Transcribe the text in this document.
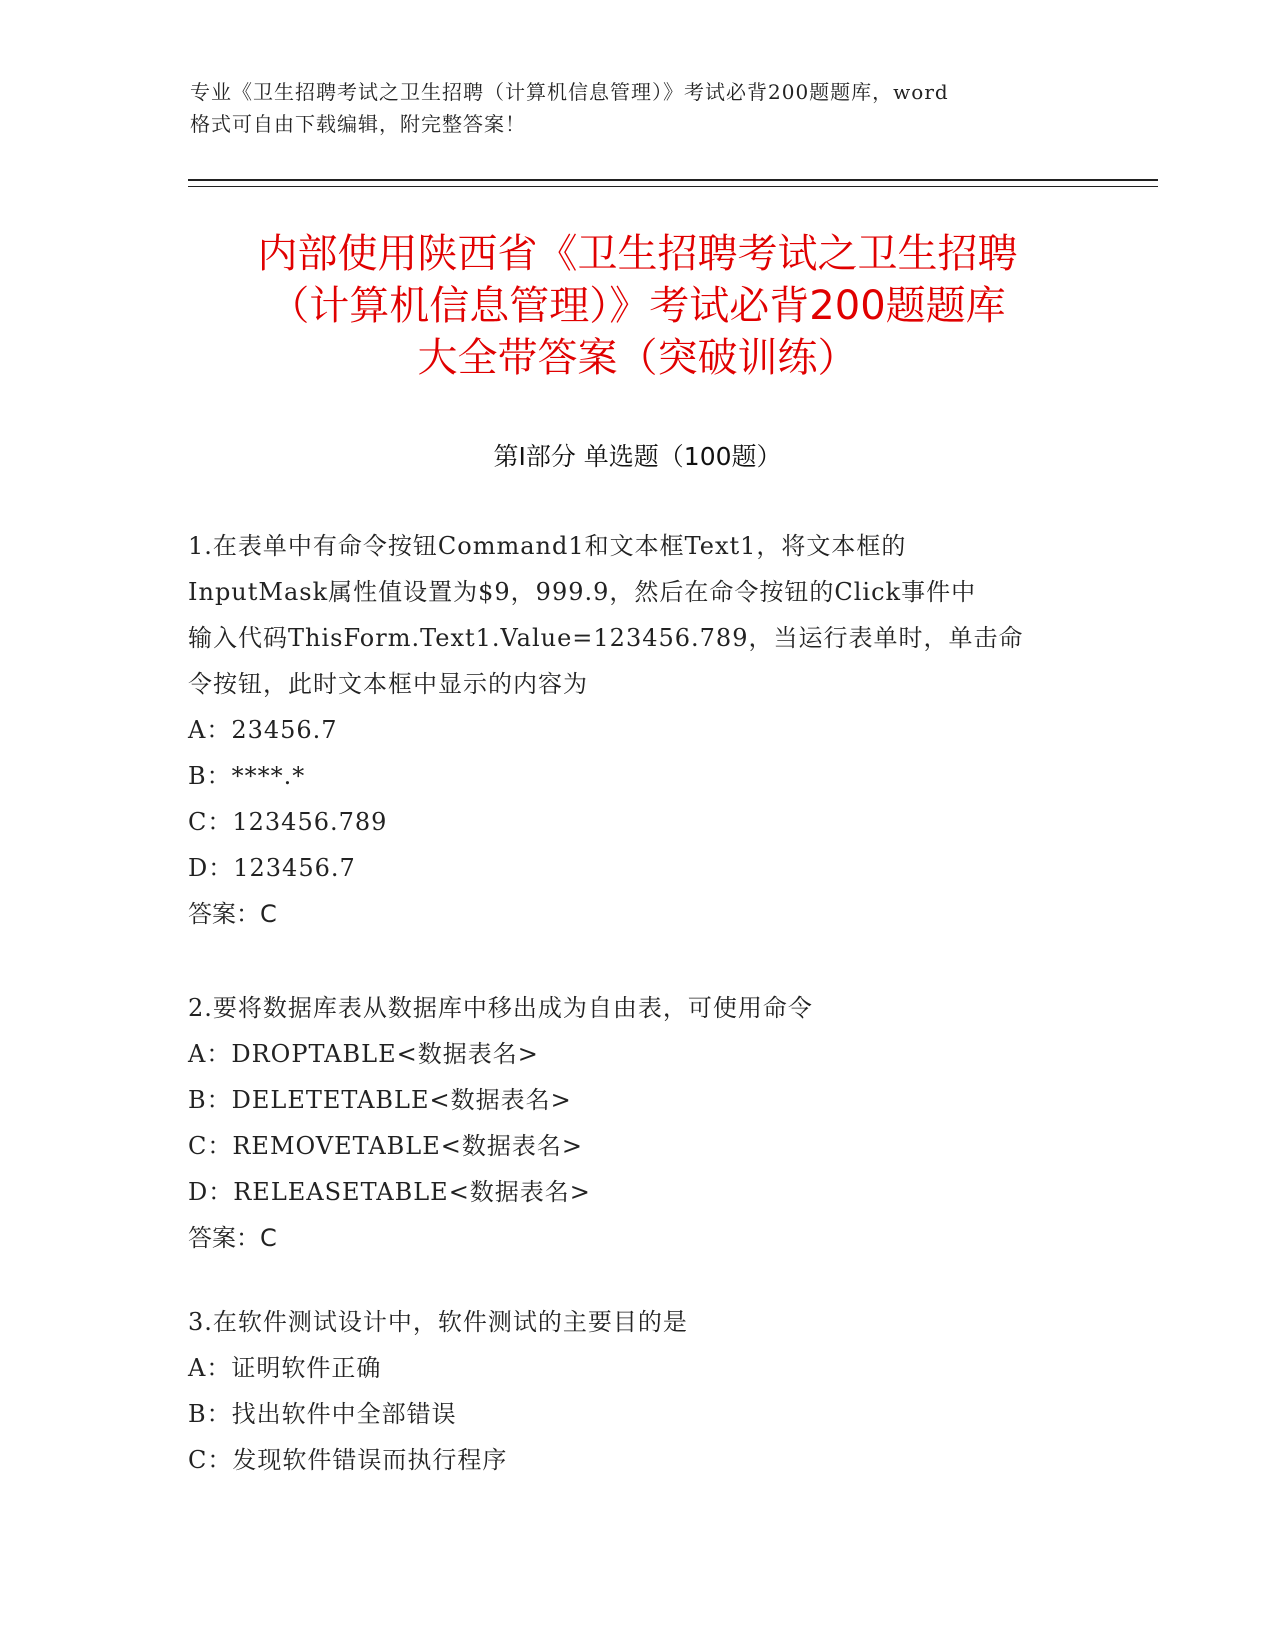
专业《卫生招聘考试之卫生招聘（计算机信息管理）》考试必背200题题库，word
格式可自由下载编辑，附完整答案！
内部使用陕西省《卫生招聘考试之卫生招聘
（计算机信息管理）》考试必背200题题库
大全带答案（突破训练）
第Ⅰ部分 单选题（100题）

1.在表单中有命令按钮Command1和文本框Text1，将文本框的

InputMask属性值设置为$9，999.9，然后在命令按钮的Click事件中

输入代码ThisForm.Text1.Value=123456.789，当运行表单时，单击命

令按钮，此时文本框中显示的内容为

A：23456.7

B：****.*

C：123456.789

D：123456.7

答案：C

2.要将数据库表从数据库中移出成为自由表，可使用命令

A：DROPTABLE<数据表名>

B：DELETETABLE<数据表名>

C：REMOVETABLE<数据表名>

D：RELEASETABLE<数据表名>

答案：C

3.在软件测试设计中，软件测试的主要目的是

A：证明软件正确

B：找出软件中全部错误

C：发现软件错误而执行程序
